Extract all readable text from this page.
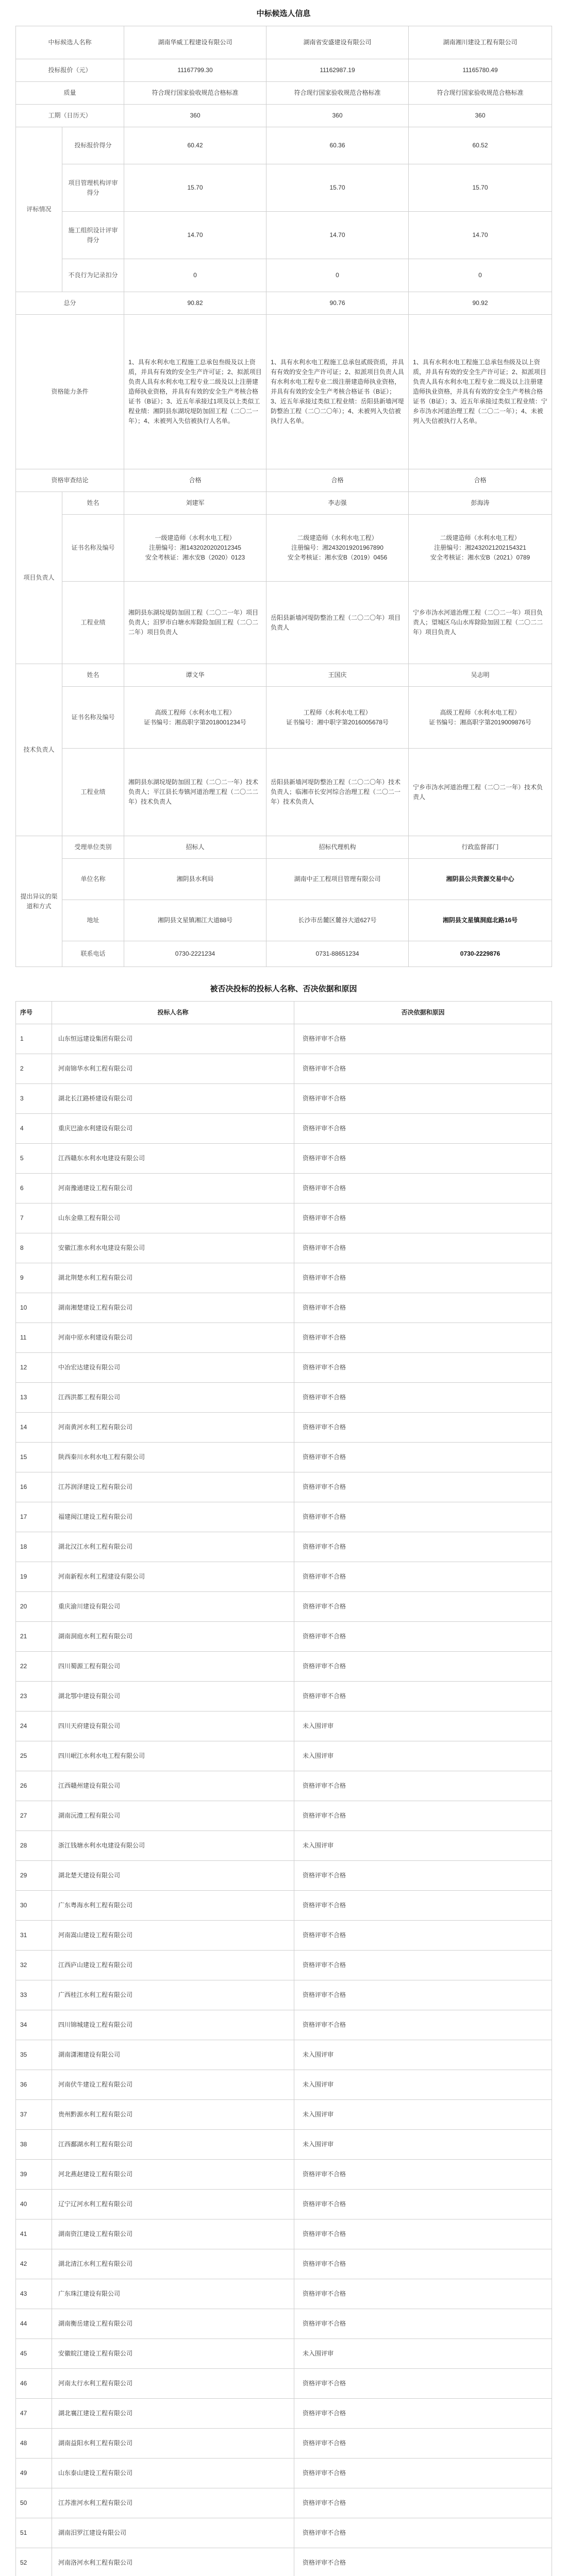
中标候选人信息
中标候选人名称		湖南华威工程建设有限公司	湖南省安盛建设有限公司	湖南湘川建设工程有限公司
投标报价（元）		11167799.30	11162987.19	11165780.49
质量		符合现行国家验收规范合格标准	符合现行国家验收规范合格标准	符合现行国家验收规范合格标准
工期（日历天）		360	360	360
评标情况	投标报价得分	60.42	60.36	60.52
	项目管理机构评审得分	15.70	15.70	15.70
	施工组织设计评审得分	14.70	14.70	14.70
	不良行为记录扣分	0	0	0
总分		90.82	90.76	90.92
资格能力条件		1、具有水利水电工程施工总承包叁级及以上资质，并具有有效的安全生产许可证；2、拟派项目负责人具有水利水电工程专业二级及以上注册建造师执业资格，并具有有效的安全生产考核合格证书（B证）；3、近五年承接过1项及以上类似工程业绩：湘阴县东湖垸堤防加固工程（二〇二一年）；4、未被列入失信被执行人名单。	1、具有水利水电工程施工总承包贰级资质，并具有有效的安全生产许可证；2、拟派项目负责人具有水利水电工程专业二级注册建造师执业资格，并具有有效的安全生产考核合格证书（B证）；3、近五年承接过类似工程业绩：岳阳县新墙河堤防整治工程（二〇二〇年）；4、未被列入失信被执行人名单。	1、具有水利水电工程施工总承包叁级及以上资质，并具有有效的安全生产许可证；2、拟派项目负责人具有水利水电工程专业二级及以上注册建造师执业资格，并具有有效的安全生产考核合格证书（B证）；3、近五年承接过类似工程业绩：宁乡市沩水河道治理工程（二〇二一年）；4、未被列入失信被执行人名单。
资格审查结论		合格	合格	合格
项目负责人	姓名	刘建军	李志强	彭海涛
	证书名称及编号	一级建造师（水利水电工程）
注册编号：湘1432020202012345
安全考核证：湘水安B（2020）0123	二级建造师（水利水电工程）
注册编号：湘2432019201967890
安全考核证：湘水安B（2019）0456	二级建造师（水利水电工程）
注册编号：湘2432021202154321
安全考核证：湘水安B（2021）0789
	工程业绩	湘阴县东湖垸堤防加固工程（二〇二一年）项目负责人；汨罗市白塘水库除险加固工程（二〇二二年）项目负责人	岳阳县新墙河堤防整治工程（二〇二〇年）项目负责人	宁乡市沩水河道治理工程（二〇二一年）项目负责人；望城区乌山水库除险加固工程（二〇二二年）项目负责人
技术负责人	姓名	谭文华	王国庆	吴志明
	证书名称及编号	高级工程师（水利水电工程）
证书编号：湘高职字第2018001234号	工程师（水利水电工程）
证书编号：湘中职字第2016005678号	高级工程师（水利水电工程）
证书编号：湘高职字第2019009876号
	工程业绩	湘阴县东湖垸堤防加固工程（二〇二一年）技术负责人；平江县长寿镇河道治理工程（二〇二二年）技术负责人	岳阳县新墙河堤防整治工程（二〇二〇年）技术负责人；临湘市长安河综合治理工程（二〇二一年）技术负责人	宁乡市沩水河道治理工程（二〇二一年）技术负责人
提出异议的渠道和方式	受理单位类别	招标人	招标代理机构	行政监督部门
	单位名称	湘阴县水利局	湖南中正工程项目管理有限公司	湘阴县公共资源交易中心
	地址	湘阴县文星镇湘江大道88号	长沙市岳麓区麓谷大道627号	湘阴县文星镇洞庭北路16号
	联系电话	0730-2221234	0731-88651234	0730-2229876
被否决投标的投标人名称、否决依据和原因
序号	投标人名称	否决依据和原因
1	山东恒远建设集团有限公司	资格评审不合格
2	河南锦华水利工程有限公司	资格评审不合格
3	湖北长江路桥建设有限公司	资格评审不合格
4	重庆巴渝水利建设有限公司	资格评审不合格
5	江西赣东水利水电建设有限公司	资格评审不合格
6	河南豫通建设工程有限公司	资格评审不合格
7	山东金鼎工程有限公司	资格评审不合格
8	安徽江淮水利水电建设有限公司	资格评审不合格
9	湖北荆楚水利工程有限公司	资格评审不合格
10	湖南湘楚建设工程有限公司	资格评审不合格
11	河南中原水利建设有限公司	资格评审不合格
12	中冶宏达建设有限公司	资格评审不合格
13	江西洪都工程有限公司	资格评审不合格
14	河南黄河水利工程有限公司	资格评审不合格
15	陕西秦川水利水电工程有限公司	资格评审不合格
16	江苏润泽建设工程有限公司	资格评审不合格
17	福建闽江建设工程有限公司	资格评审不合格
18	湖北汉江水利工程有限公司	资格评审不合格
19	河南新程水利工程建设有限公司	资格评审不合格
20	重庆渝川建设有限公司	资格评审不合格
21	湖南洞庭水利工程有限公司	资格评审不合格
22	四川蜀源工程有限公司	资格评审不合格
23	湖北鄂中建设有限公司	资格评审不合格
24	四川天府建设有限公司	未入围评审
25	四川岷江水利水电工程有限公司	未入围评审
26	江西赣州建设有限公司	资格评审不合格
27	湖南沅澧工程有限公司	资格评审不合格
28	浙江钱塘水利水电建设有限公司	未入围评审
29	湖北楚天建设有限公司	资格评审不合格
30	广东粤海水利工程有限公司	资格评审不合格
31	河南嵩山建设工程有限公司	资格评审不合格
32	江西庐山建设工程有限公司	资格评审不合格
33	广西桂江水利工程有限公司	资格评审不合格
34	四川锦城建设工程有限公司	资格评审不合格
35	湖南潇湘建设有限公司	未入围评审
36	河南伏牛建设工程有限公司	未入围评审
37	贵州黔源水利工程有限公司	未入围评审
38	江西鄱湖水利工程有限公司	未入围评审
39	河北燕赵建设工程有限公司	资格评审不合格
40	辽宁辽河水利工程有限公司	资格评审不合格
41	湖南资江建设工程有限公司	资格评审不合格
42	湖北清江水利工程有限公司	资格评审不合格
43	广东珠江建设有限公司	资格评审不合格
44	湖南衡岳建设工程有限公司	资格评审不合格
45	安徽皖江建设工程有限公司	未入围评审
46	河南太行水利工程有限公司	资格评审不合格
47	湖北襄江建设工程有限公司	资格评审不合格
48	湖南益阳水利工程有限公司	资格评审不合格
49	山东泰山建设工程有限公司	资格评审不合格
50	江苏淮河水利工程有限公司	资格评审不合格
51	湖南汨罗江建设有限公司	资格评审不合格
52	河南洛河水利工程有限公司	资格评审不合格
